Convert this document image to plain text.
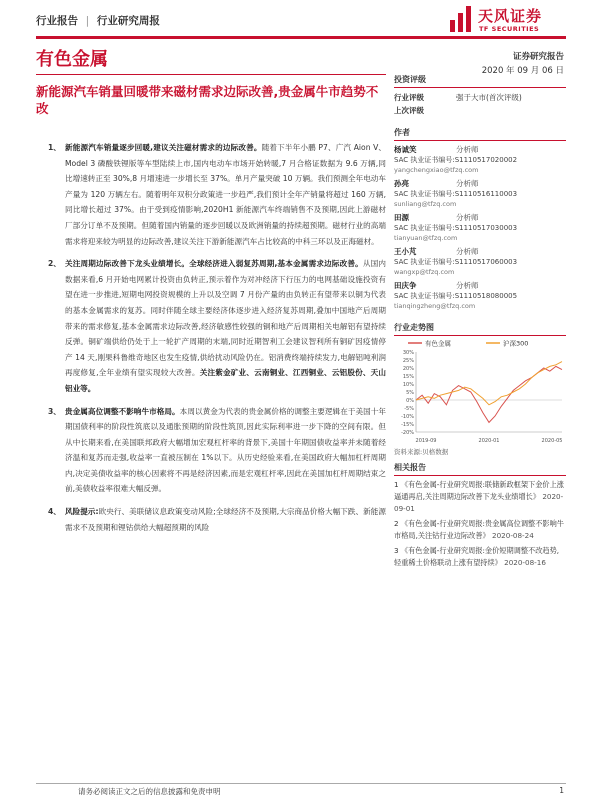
行业报告 | 行业研究周报	天风证券
TF SECURITIES
有色金属	证券研究报告
2020 年 09 月 06 日
新能源汽车销量回暖带来磁材需求边际改善,贵金属牛市趋势不改
1、 新能源汽车销量逐步回暖,建议关注磁材需求的边际改善。随着下半年小鹏 P7、广汽 Aion V、Model 3 磷酸铁锂版等车型陆续上市,国内电动车市场开始转暖,7 月合格证数据为 9.6 万辆,同比增速转正至 30%,8 月增速进一步增长至 37%。单月产量突破 10 万辆。我们预测全年电动车产量为 120 万辆左右。随着明年双积分政策进一步趋严,我们预计全年产销量将超过 160 万辆,同比增长超过 37%。由于受到疫情影响,2020H1 新能源汽车终端销售不及预期,因此上游磁材厂部分订单不及预期。但随着国内销量的逐步回暖以及欧洲销量的持续超预期。磁材行业的高端需求将迎来较为明显的边际改善,建议关注下游新能源汽车占比较高的中科三环以及正海磁材。
2、 关注周期边际改善下龙头业绩增长。全球经济进入弱复苏周期,基本金属需求边际改善。从国内数据来看,6 月开始电网累计投资由负转正,预示着作为对冲经济下行压力的电网基础设施投资有望在进一步推进,短期电网投资规模的上升以及空调 7 月份产量的由负转正有望带来以铜为代表的基本金属需求的复苏。同时伴随全球主要经济体逐步进入经济复苏周期,叠加中国地产后周期带来的需求修复,基本金属需求边际改善,经济敏感性较强的铜和地产后周期相关电解铝有望持续反弹。铜矿端供给仍处于上一轮扩产周期的末端,同时近期智利工会建议智利所有铜矿因疫情停产 14 天,刚果科鲁维奇地区也发生疫情,供给扰动风险仍在。铝消费终端持续发力,电解铝吨利润再度修复,全年业绩有望实现较大改善。关注紫金矿业、云南铜业、江西铜业、云铝股份、天山铝业等。
3、 贵金属高位调整不影响牛市格局。本周以黄金为代表的贵金属价格的调整主要逻辑在于美国十年期国债利率的阶段性筑底以及通胀预期的阶段性筑顶,因此实际利率进一步下降的空间有限。但从中长期来看,在美国联邦政府大幅增加宏观杠杆率的背景下,美国十年期国债收益率并未随着经济温和复苏而走强,收益率一直被压制在 1%以下。从历史经验来看,在美国政府大幅加杠杆周期内,决定美债收益率的核心因素将不再是经济因素,而是宏观杠杆率,因此在美国加杠杆周期结束之前,美债收益率很难大幅反弹。
4、 风险提示:欧央行、美联储议息政策变动风险;全球经济不及预期,大宗商品价格大幅下跌、新能源需求不及预期和锂钴供给大幅超预期的风险
投资评级
行业评级	强于大市(首次评级)
上次评级
作者
杨诚笑	分析师
SAC 执业证书编号:S1110517020002
yangchengxiao@tfzq.com
孙亮	分析师
SAC 执业证书编号:S1110516110003
sunliang@tfzq.com
田源	分析师
SAC 执业证书编号:S1110517030003
tianyuan@tfzq.com
王小芃	分析师
SAC 执业证书编号:S1110517060003
wangxp@tfzq.com
田庆争	分析师
SAC 执业证书编号:S1110518080005
tianqingzheng@tfzq.com
行业走势图
有色金属	沪深300
30%
25%
20%
15%
10%
5%
0%
-5%
-10%
-15%
-20%
2019-09	2020-01	2020-05
资料来源:贝格数据
相关报告
1 《有色金属-行业研究周报:联储新政框架下金价上涨逼通再启,关注周期边际改善下龙头业绩增长》 2020-09-01
2 《有色金属-行业研究周报:贵金属高位调整不影响牛市格局,关注钴行业边际改善》 2020-08-24
3 《有色金属-行业研究周报:金价短期调整不改趋势,轻重稀土价格联动上涨有望持续》 2020-08-16
请务必阅读正文之后的信息披露和免责申明	1
